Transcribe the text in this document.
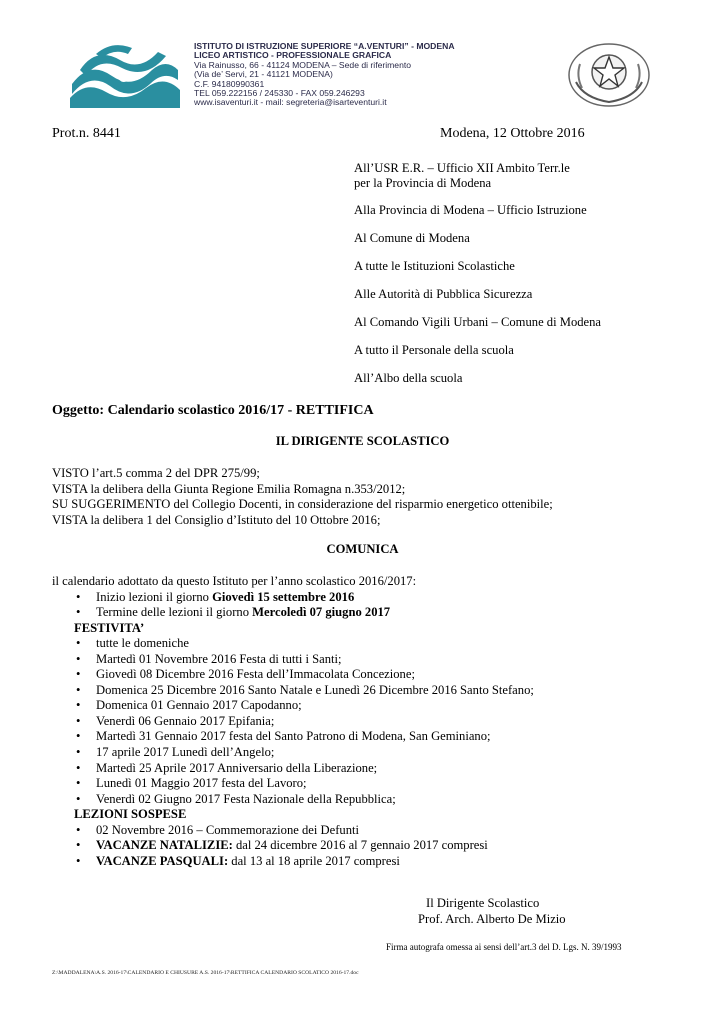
ISTITUTO DI ISTRUZIONE SUPERIORE “A.VENTURI” - MODENA
LICEO ARTISTICO - PROFESSIONALE GRAFICA
Via Rainusso, 66 - 41124 MODENA – Sede di riferimento
(Via de’ Servi, 21 - 41121 MODENA)
C.F. 94180990361
TEL 059.222156 / 245330 - FAX 059.246293
www.isaventuri.it - mail: segreteria@isarteventuri.it
Prot.n. 8441	Modena, 12 Ottobre 2016
All’USR E.R. – Ufficio XII Ambito Terr.le
per la Provincia di Modena
Alla Provincia di Modena – Ufficio Istruzione
Al Comune di Modena
A tutte le Istituzioni Scolastiche
Alle Autorità di Pubblica Sicurezza
Al Comando Vigili Urbani – Comune di Modena
A tutto il Personale della scuola
All’Albo della scuola
Oggetto: Calendario scolastico 2016/17 - RETTIFICA
IL DIRIGENTE SCOLASTICO
VISTO l’art.5 comma 2 del DPR 275/99;
VISTA la delibera della Giunta Regione Emilia Romagna n.353/2012;
SU SUGGERIMENTO del Collegio Docenti, in considerazione del risparmio energetico ottenibile;
VISTA la delibera 1 del Consiglio d’Istituto del 10 Ottobre 2016;
COMUNICA
il calendario adottato da questo Istituto per l’anno scolastico 2016/2017:
• Inizio lezioni il giorno Giovedì 15 settembre 2016
• Termine delle lezioni il giorno Mercoledì 07 giugno 2017
FESTIVITA’
• tutte le domeniche
• Martedì 01 Novembre 2016 Festa di tutti i Santi;
• Giovedì 08 Dicembre 2016 Festa dell’Immacolata Concezione;
• Domenica 25 Dicembre 2016 Santo Natale e Lunedì 26 Dicembre 2016 Santo Stefano;
• Domenica 01 Gennaio 2017 Capodanno;
• Venerdì 06 Gennaio 2017 Epifania;
• Martedì 31 Gennaio 2017 festa del Santo Patrono di Modena, San Geminiano;
• 17 aprile 2017 Lunedì dell’Angelo;
• Martedì 25 Aprile 2017 Anniversario della Liberazione;
• Lunedì 01 Maggio 2017 festa del Lavoro;
• Venerdì 02 Giugno 2017 Festa Nazionale della Repubblica;
LEZIONI SOSPESE
• 02 Novembre 2016 – Commemorazione dei Defunti
• VACANZE NATALIZIE: dal 24 dicembre 2016 al 7 gennaio 2017 compresi
• VACANZE PASQUALI: dal 13 al 18 aprile 2017 compresi
Il Dirigente Scolastico
Prof. Arch. Alberto De Mizio
Firma autografa omessa ai sensi dell’art.3 del D. Lgs. N. 39/1993
Z:\MADDALENA\A.S. 2016-17\CALENDARIO E CHIUSURE A.S. 2016-17\RETTIFICA CALENDARIO SCOLATICO 2016-17.doc
